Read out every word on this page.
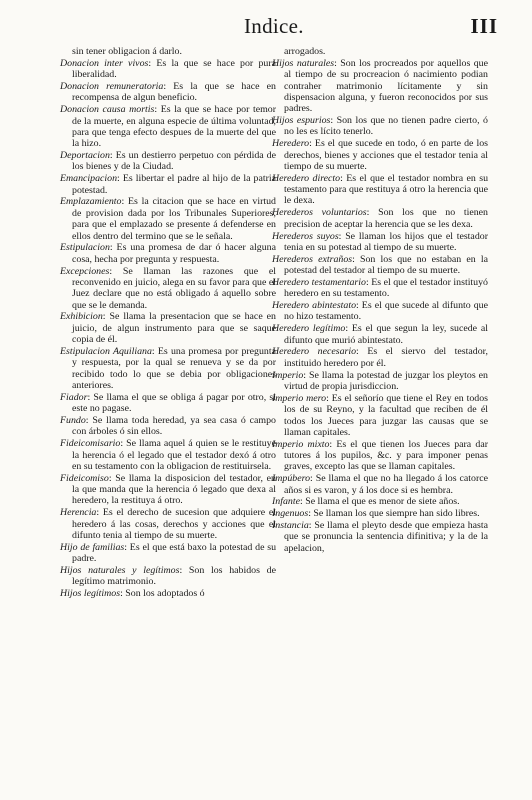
Indice.	III

sin tener obligacion á darlo.

Donacion inter vivos: Es la que se hace por pura liberalidad.

Donacion remuneratoria: Es la que se hace en recompensa de algun beneficio.

Donacion causa mortis: Es la que se hace por temor de la muerte, en alguna especie de última voluntad, para que tenga efecto despues de la muerte del que la hizo.

Deportacion: Es un destierro perpetuo con pérdida de los bienes y de la Ciudad.

Emancipacion: Es libertar el padre al hijo de la patria potestad.

Emplazamiento: Es la citacion que se hace en virtud de provision dada por los Tribunales Superiores, para que el emplazado se presente á defenderse en ellos dentro del termino que se le señala.

Estipulacion: Es una promesa de dar ó hacer alguna cosa, hecha por pregunta y respuesta.

Excepciones: Se llaman las razones que el reconvenido en juicio, alega en su favor para que el Juez declare que no está obligado á aquello sobre que se le demanda.

Exhibicion: Se llama la presentacion que se hace en juicio, de algun instrumento para que se saque copia de él.

Estipulacion Aquiliana: Es una promesa por pregunta y respuesta, por la qual se renueva y se da por recibido todo lo que se debia por obligaciones anteriores.

Fiador: Se llama el que se obliga á pagar por otro, si este no pagase.

Fundo: Se llama toda heredad, ya sea casa ó campo con árboles ó sin ellos.

Fideicomisario: Se llama aquel á quien se le restituye la herencia ó el legado que el testador dexó á otro en su testamento con la obligacion de restituirsela.

Fideicomiso: Se llama la disposicion del testador, en la que manda que la herencia ó legado que dexa al heredero, la restituya á otro.

Herencia: Es el derecho de sucesion que adquiere el heredero á las cosas, derechos y acciones que el difunto tenia al tiempo de su muerte.

Hijo de familias: Es el que está baxo la potestad de su padre.

Hijos naturales y legítimos: Son los habidos de legítimo matrimonio.

Hijos legítimos: Son los adoptados ó

arrogados.

Hijos naturales: Son los procreados por aquellos que al tiempo de su procreacion ó nacimiento podian contraher matrimonio lícitamente y sin dispensacion alguna, y fueron reconocidos por sus padres.

Hijos espurios: Son los que no tienen padre cierto, ó no les es lícito tenerlo.

Heredero: Es el que sucede en todo, ó en parte de los derechos, bienes y acciones que el testador tenia al tiempo de su muerte.

Heredero directo: Es el que el testador nombra en su testamento para que restituya á otro la herencia que le dexa.

Herederos voluntarios: Son los que no tienen precision de aceptar la herencia que se les dexa.

Herederos suyos: Se llaman los hijos que el testador tenia en su potestad al tiempo de su muerte.

Herederos extraños: Son los que no estaban en la potestad del testador al tiempo de su muerte.

Heredero testamentario: Es el que el testador instituyó heredero en su testamento.

Heredero abintestato: Es el que sucede al difunto que no hizo testamento.

Heredero legítimo: Es el que segun la ley, sucede al difunto que murió abintestato.

Heredero necesario: Es el siervo del testador, instituido heredero por él.

Imperio: Se llama la potestad de juzgar los pleytos en virtud de propia jurisdiccion.

Imperio mero: Es el señorío que tiene el Rey en todos los de su Reyno, y la facultad que reciben de él todos los Jueces para juzgar las causas que se llaman capitales.

Imperio mixto: Es el que tienen los Jueces para dar tutores á los pupilos, &c. y para imponer penas graves, excepto las que se llaman capitales.

Impúbero: Se llama el que no ha llegado á los catorce años si es varon, y á los doce si es hembra.

Infante: Se llama el que es menor de siete años.

Ingenuos: Se llaman los que siempre han sido libres.

Instancia: Se llama el pleyto desde que empieza hasta que se pronuncia la sentencia difinitiva; y la de la apelacion,
